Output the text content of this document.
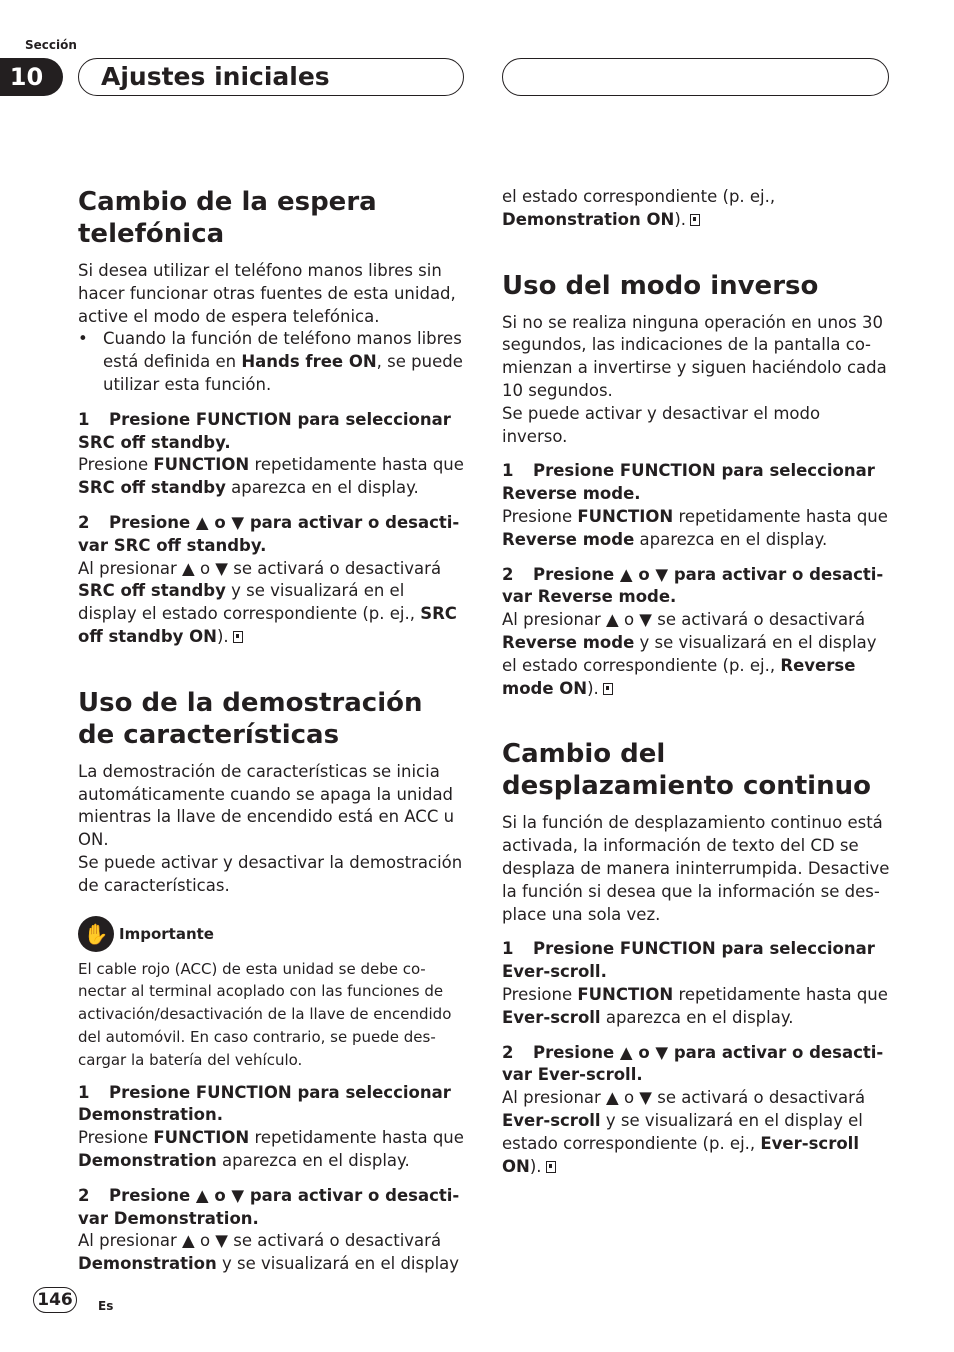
Sección
10	Ajustes iniciales
Cambio de la espera telefónica

Si desea utilizar el teléfono manos libres sin hacer funcionar otras fuentes de esta unidad, active el modo de espera telefónica.

• Cuando la función de teléfono manos libres está definida en Hands free ON, se puede utilizar esta función.

1 Presione FUNCTION para seleccionar SRC off standby.

Presione FUNCTION repetidamente hasta que SRC off standby aparezca en el display.

2 Presione ▲ o ▼ para activar o desactivar SRC off standby.

Al presionar ▲ o ▼ se activará o desactivará SRC off standby y se visualizará en el display el estado correspondiente (p. ej., SRC off standby ON).

Uso de la demostración de características

La demostración de características se inicia automáticamente cuando se apaga la unidad mientras la llave de encendido está en ACC u ON.

Se puede activar y desactivar la demostración de características.

✋ Importante

El cable rojo (ACC) de esta unidad se debe conectar al terminal acoplado con las funciones de activación/desactivación de la llave de encendido del automóvil. En caso contrario, se puede descargar la batería del vehículo.

1 Presione FUNCTION para seleccionar Demonstration.

Presione FUNCTION repetidamente hasta que Demonstration aparezca en el display.

2 Presione ▲ o ▼ para activar o desactivar Demonstration.

Al presionar ▲ o ▼ se activará o desactivará Demonstration y se visualizará en el display

el estado correspondiente (p. ej., Demonstration ON).

Uso del modo inverso

Si no se realiza ninguna operación en unos 30 segundos, las indicaciones de la pantalla comienzan a invertirse y siguen haciéndolo cada 10 segundos.

Se puede activar y desactivar el modo inverso.

1 Presione FUNCTION para seleccionar Reverse mode.

Presione FUNCTION repetidamente hasta que Reverse mode aparezca en el display.

2 Presione ▲ o ▼ para activar o desactivar Reverse mode.

Al presionar ▲ o ▼ se activará o desactivará Reverse mode y se visualizará en el display el estado correspondiente (p. ej., Reverse mode ON).

Cambio del desplazamiento continuo

Si la función de desplazamiento continuo está activada, la información de texto del CD se desplaza de manera ininterrumpida. Desactive la función si desea que la información se desplace una sola vez.

1 Presione FUNCTION para seleccionar Ever-scroll.

Presione FUNCTION repetidamente hasta que Ever-scroll aparezca en el display.

2 Presione ▲ o ▼ para activar o desactivar Ever-scroll.

Al presionar ▲ o ▼ se activará o desactivará Ever-scroll y se visualizará en el display el estado correspondiente (p. ej., Ever-scroll ON).

146	Es
